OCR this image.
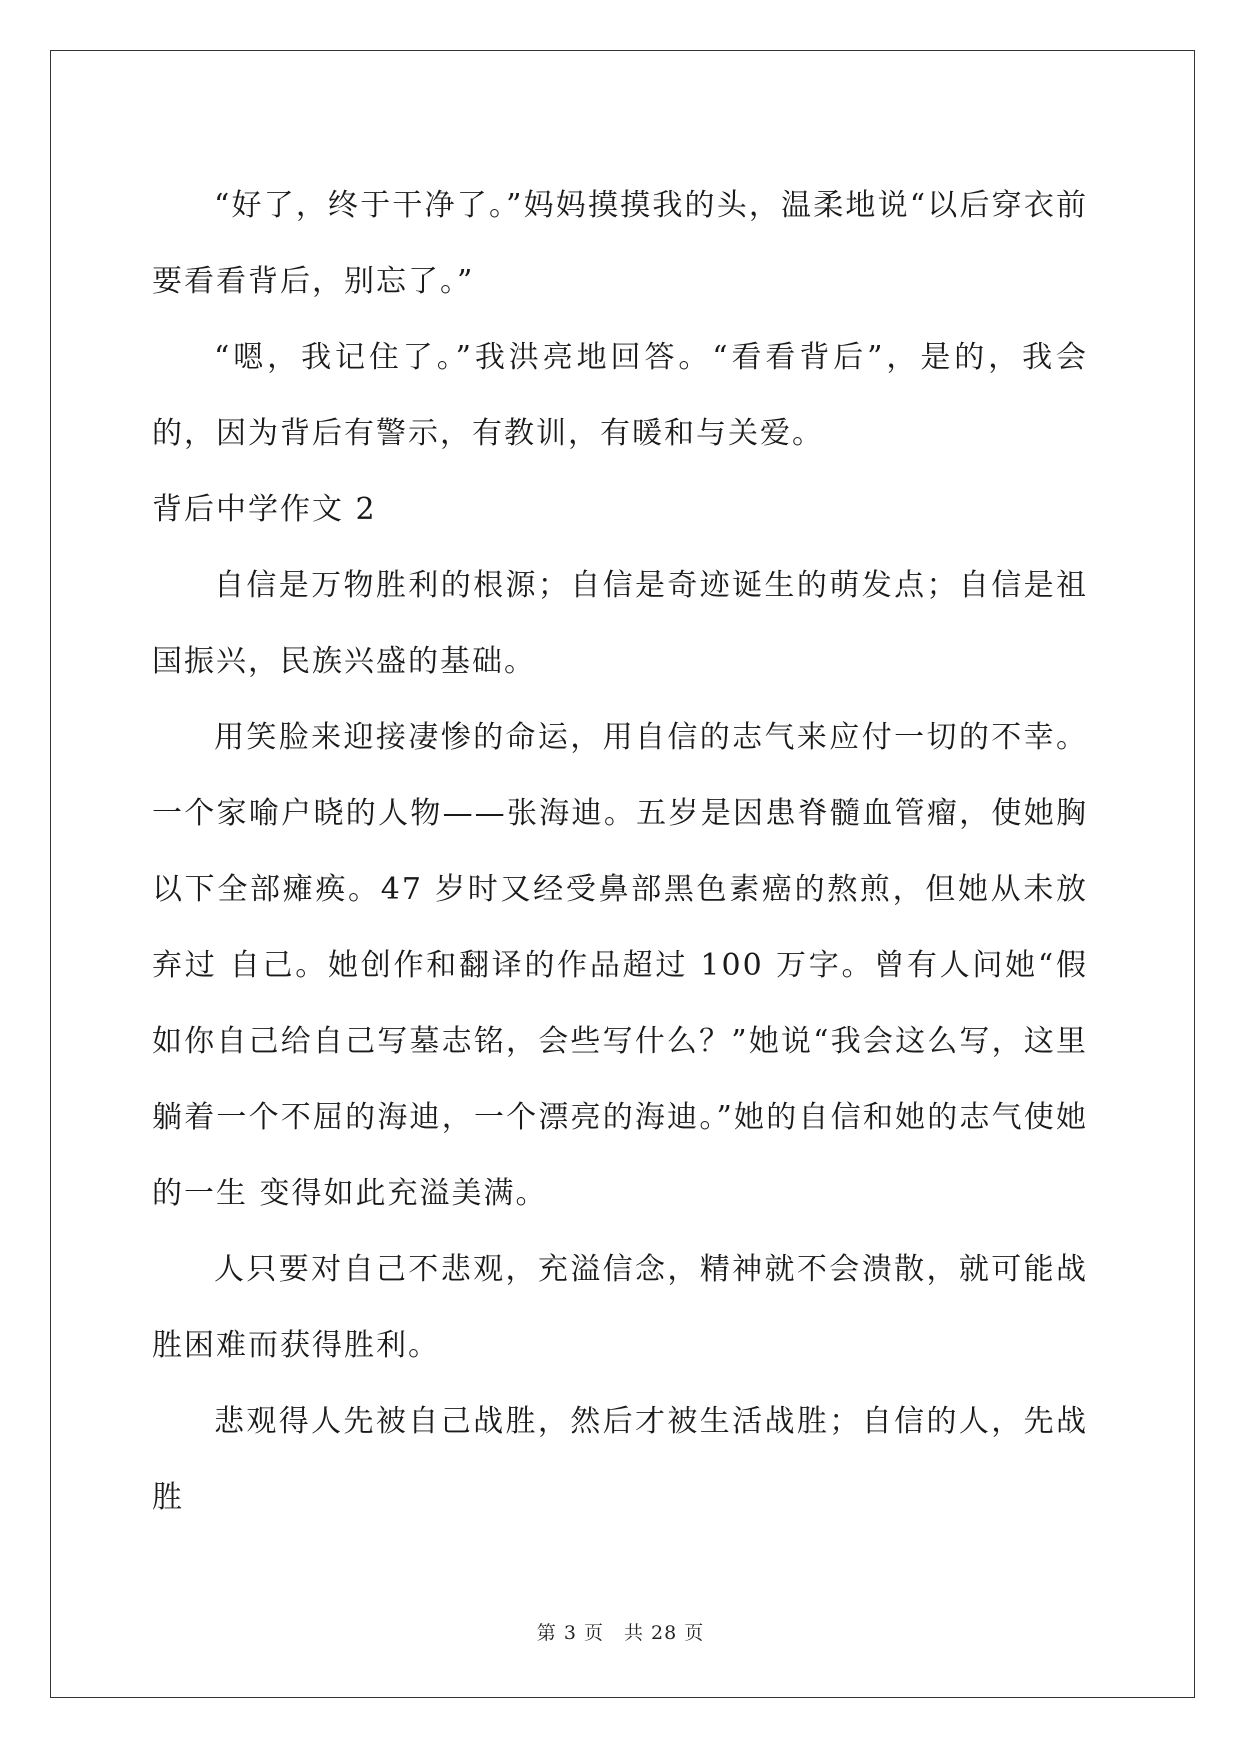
“好了，终于干净了。”妈妈摸摸我的头，温柔地说“以后穿衣前要看看背后，别忘了。”

“嗯，我记住了。”我洪亮地回答。“看看背后”，是的，我会的，因为背后有警示，有教训，有暖和与关爱。

背后中学作文 2

自信是万物胜利的根源；自信是奇迹诞生的萌发点；自信是祖国振兴，民族兴盛的基础。

用笑脸来迎接凄惨的命运，用自信的志气来应付一切的不幸。一个家喻户晓的人物——张海迪。五岁是因患脊髓血管瘤，使她胸以下全部瘫痪。47 岁时又经受鼻部黑色素癌的熬煎，但她从未放弃过 自己。她创作和翻译的作品超过 100 万字。曾有人问她“假如你自己给自己写墓志铭，会些写什么？”她说“我会这么写，这里躺着一个不屈的海迪，一个漂亮的海迪。”她的自信和她的志气使她的一生 变得如此充溢美满。

人只要对自己不悲观，充溢信念，精神就不会溃散，就可能战胜困难而获得胜利。

悲观得人先被自己战胜，然后才被生活战胜；自信的人，先战胜

第 3 页 共 28 页
